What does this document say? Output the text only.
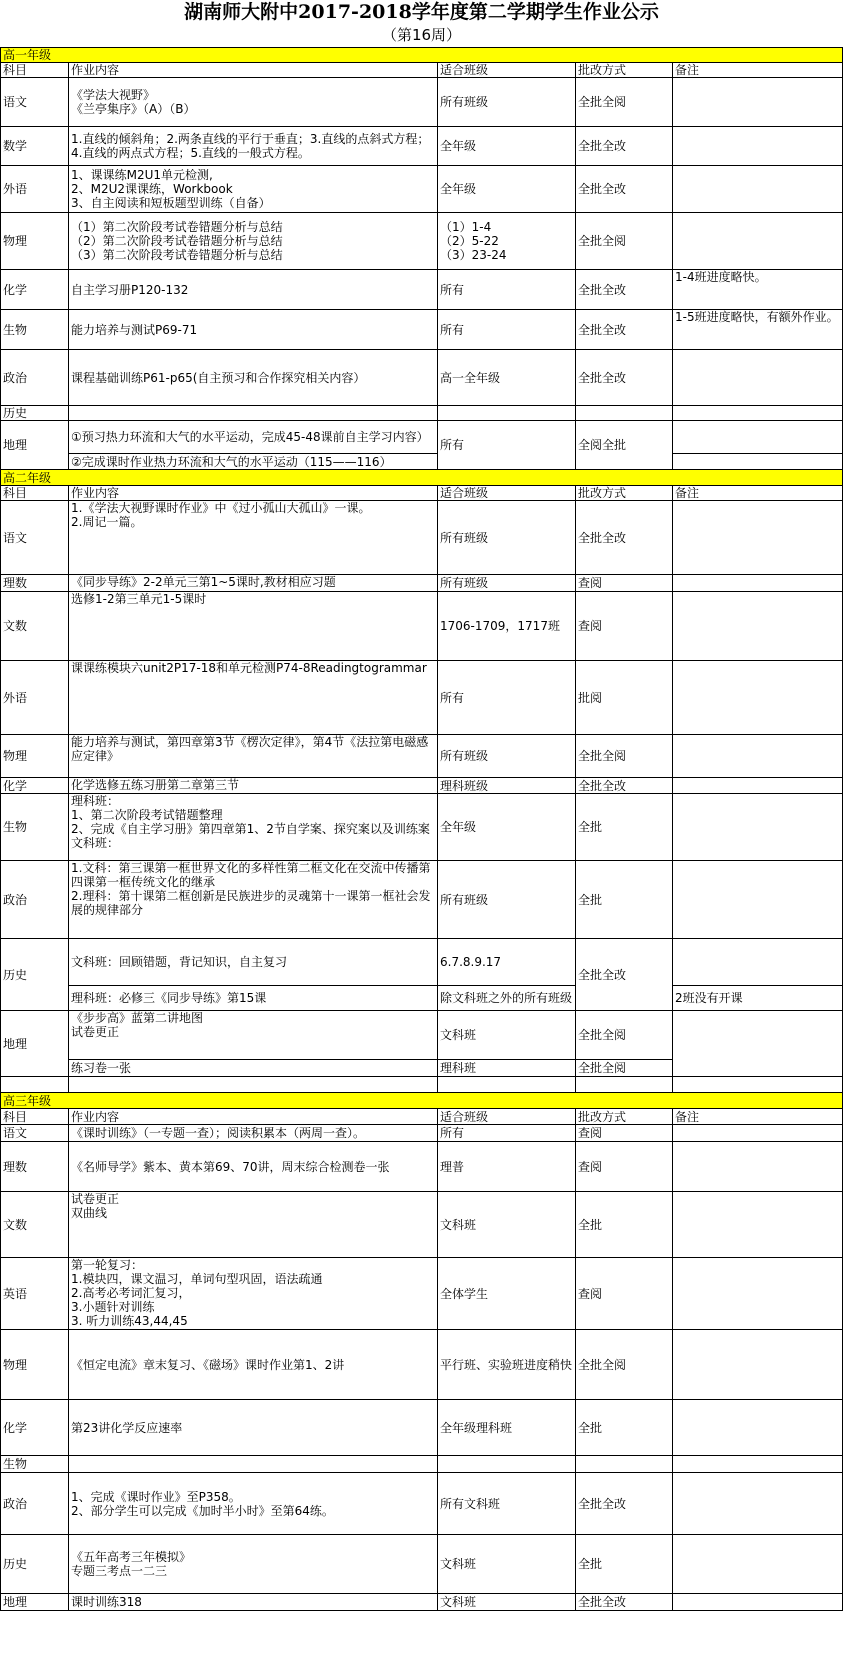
湖南师大附中2017-2018学年度第二学期学生作业公示
（第16周）
高一年级				
科目	作业内容	适合班级	批改方式	备注
语文	《学法大视野》
《兰亭集序》（A）（B）	所有班级	全批全阅	
数学	1.直线的倾斜角；2.两条直线的平行于垂直；3.直线的点斜式方程；4.直线的两点式方程；5.直线的一般式方程。	全年级	全批全改	
外语	1、课课练M2U1单元检测,
2、M2U2课课练，Workbook
3、自主阅读和短板题型训练（自备）	全年级	全批全改	
物理	（1）第二次阶段考试卷错题分析与总结
（2）第二次阶段考试卷错题分析与总结
（3）第二次阶段考试卷错题分析与总结	（1）1-4
（2）5-22
（3）23-24	全批全阅	
化学	自主学习册P120-132	所有	全批全改	1-4班进度略快。

生物	能力培养与测试P69-71	所有	全批全改	1-5班进度略快，有额外作业。

政治	课程基础训练P61-p65(自主预习和合作探究相关内容）	高一全年级	全批全改	
历史				
地理	①预习热力环流和大气的水平运动，完成45-48课前自主学习内容）	所有	全阅全批	
	②完成课时作业热力环流和大气的水平运动（115——116）			
高二年级				
科目	作业内容	适合班级	批改方式	备注
语文	1.《学法大视野课时作业》中《过小孤山大孤山》一课。
2.周记一篇。	所有班级	全批全改	
理数	《同步导练》2-2单元三第1~5课时,教材相应习题	所有班级	查阅	
文数	选修1-2第三单元1-5课时	1706-1709，1717班	查阅	
外语	课课练模块六unit2P17-18和单元检测P74-8Readingtogrammar	所有	批阅	
物理	能力培养与测试，第四章第3节《楞次定律》，第4节《法拉第电磁感应定律》	所有班级	全批全阅	
化学	化学选修五练习册第二章第三节	理科班级	全批全改	
生物	理科班：
1、第二次阶段考试错题整理
2、完成《自主学习册》第四章第1、2节自学案、探究案以及训练案
文科班：	全年级	全批	
政治	1.文科：第三课第一框世界文化的多样性第二框文化在交流中传播第四课第一框传统文化的继承
2.理科：第十课第二框创新是民族进步的灵魂第十一课第一框社会发展的规律部分	所有班级	全批	
历史	文科班：回顾错题，背记知识，自主复习	6.7.8.9.17	全批全改	
	理科班：必修三《同步导练》第15课	除文科班之外的所有班级		2班没有开课
地理	《步步高》蓝第二讲地图
试卷更正	文科班	全批全阅	
	练习卷一张	理科班	全批全阅	

高三年级				
科目	作业内容	适合班级	批改方式	备注
语文	《课时训练》（一专题一查）；阅读积累本（两周一查）。	所有	查阅	
理数	《名师导学》紫本、黄本第69、70讲，周末综合检测卷一张	理普	查阅	
文数	试卷更正
双曲线	文科班	全批	
英语	第一轮复习：
1.模块四，课文温习，单词句型巩固，语法疏通
2.高考必考词汇复习，
3.小题针对训练
3. 听力训练43,44,45	全体学生	查阅	
物理	《恒定电流》章末复习、《磁场》课时作业第1、2讲	平行班、实验班进度稍快	全批全阅	
化学	第23讲化学反应速率	全年级理科班	全批	
生物				
政治	1、完成《课时作业》至P358。
2、部分学生可以完成《加时半小时》至第64练。	所有文科班	全批全改	
历史	《五年高考三年模拟》
专题三考点一二三	文科班	全批	
地理	课时训练318	文科班	全批全改	
